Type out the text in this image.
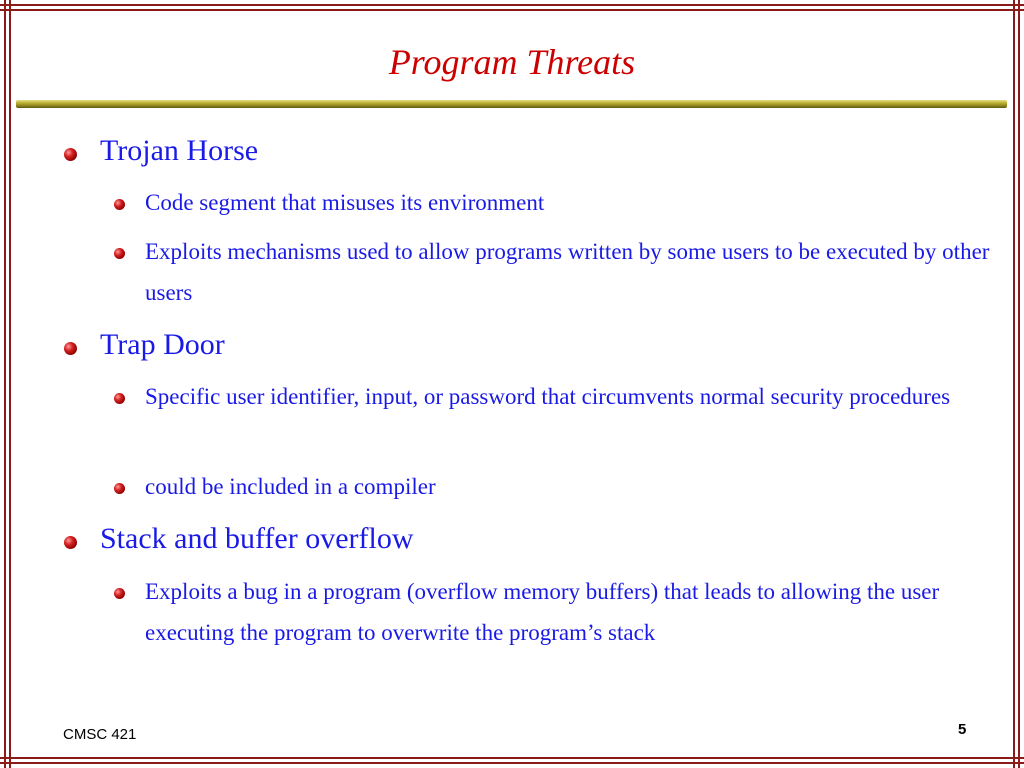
Program Threats
Trojan Horse
Code segment that misuses its environment
Exploits mechanisms used to allow programs written by some users to be executed by other users
Trap Door
Specific user identifier, input, or password that circumvents normal security procedures
could be included in a compiler
Stack and buffer overflow
Exploits a bug in a program (overflow memory buffers) that leads to allowing the user executing the program to overwrite the program’s stack
CMSC 421	5
